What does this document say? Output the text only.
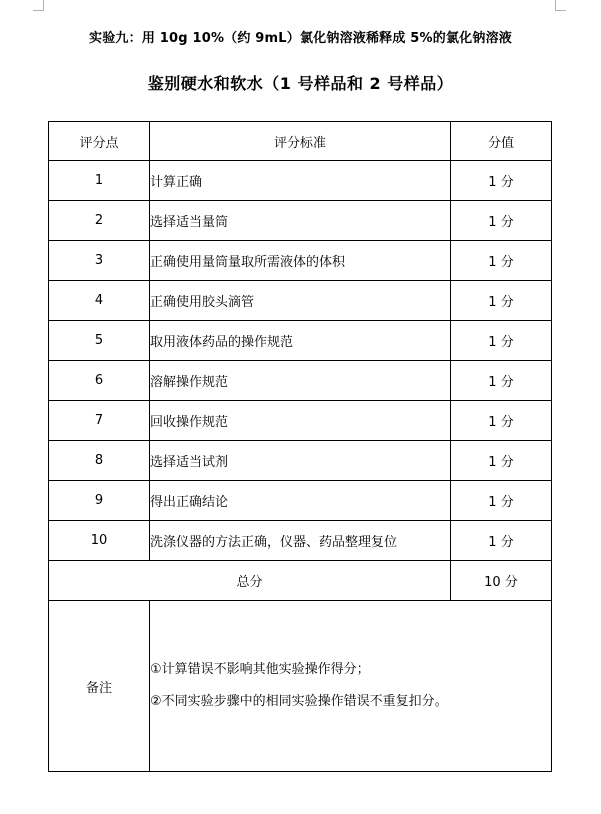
实验九：用 10g 10%（约 9mL）氯化钠溶液稀释成 5%的氯化钠溶液
鉴别硬水和软水（1 号样品和 2 号样品）
评分点	评分标准	分值
1	计算正确	1 分
2	选择适当量筒	1 分
3	正确使用量筒量取所需液体的体积	1 分
4	正确使用胶头滴管	1 分
5	取用液体药品的操作规范	1 分
6	溶解操作规范	1 分
7	回收操作规范	1 分
8	选择适当试剂	1 分
9	得出正确结论	1 分
10	洗涤仪器的方法正确，仪器、药品整理复位	1 分
总分		10 分
备注	①计算错误不影响其他实验操作得分；
②不同实验步骤中的相同实验操作错误不重复扣分。	
